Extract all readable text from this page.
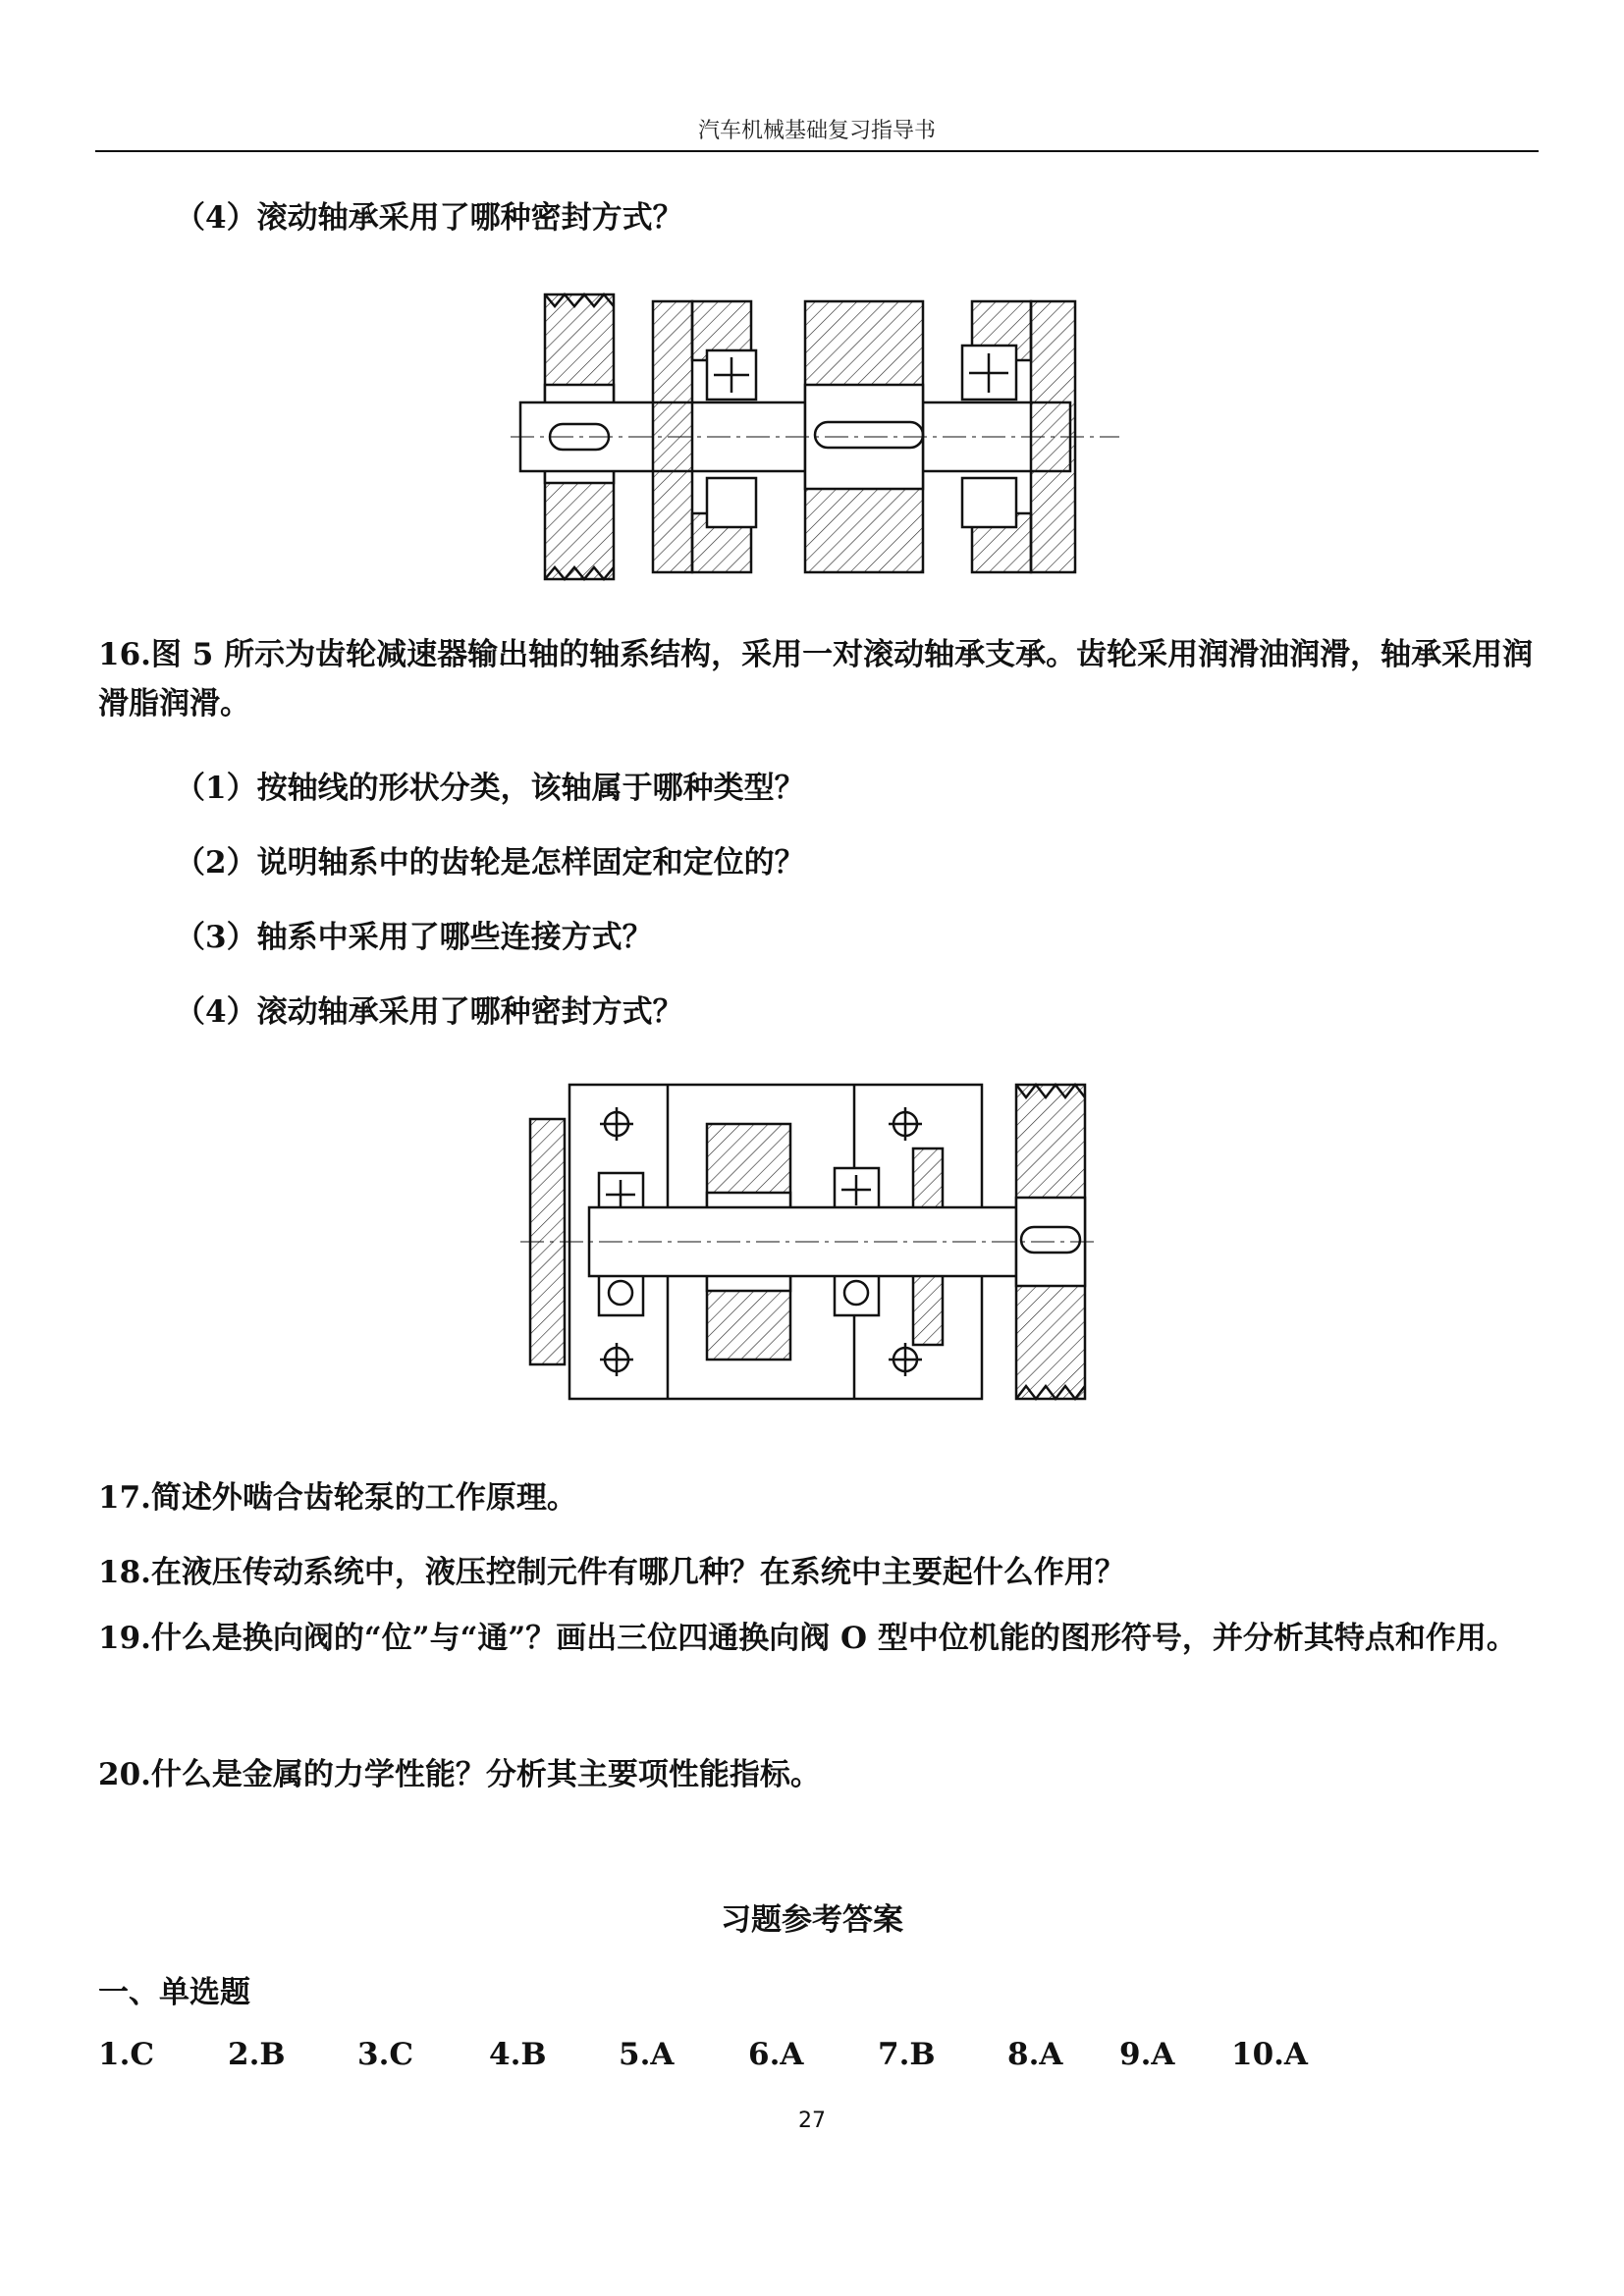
汽车机械基础复习指导书
（4）滚动轴承采用了哪种密封方式？
16.图 5 所示为齿轮减速器输出轴的轴系结构，采用一对滚动轴承支承。齿轮采用润滑油润滑，轴承采用润滑脂润滑。
（1）按轴线的形状分类，该轴属于哪种类型？
（2）说明轴系中的齿轮是怎样固定和定位的？
（3）轴系中采用了哪些连接方式？
（4）滚动轴承采用了哪种密封方式？
17.简述外啮合齿轮泵的工作原理。
18.在液压传动系统中，液压控制元件有哪几种？在系统中主要起什么作用？
19.什么是换向阀的“位”与“通”？画出三位四通换向阀 O 型中位机能的图形符号，并分析其特点和作用。
20.什么是金属的力学性能？分析其主要项性能指标。
习题参考答案
一、单选题
1.C 2.B 3.C 4.B 5.A 6.A 7.B 8.A 9.A 10.A
27
